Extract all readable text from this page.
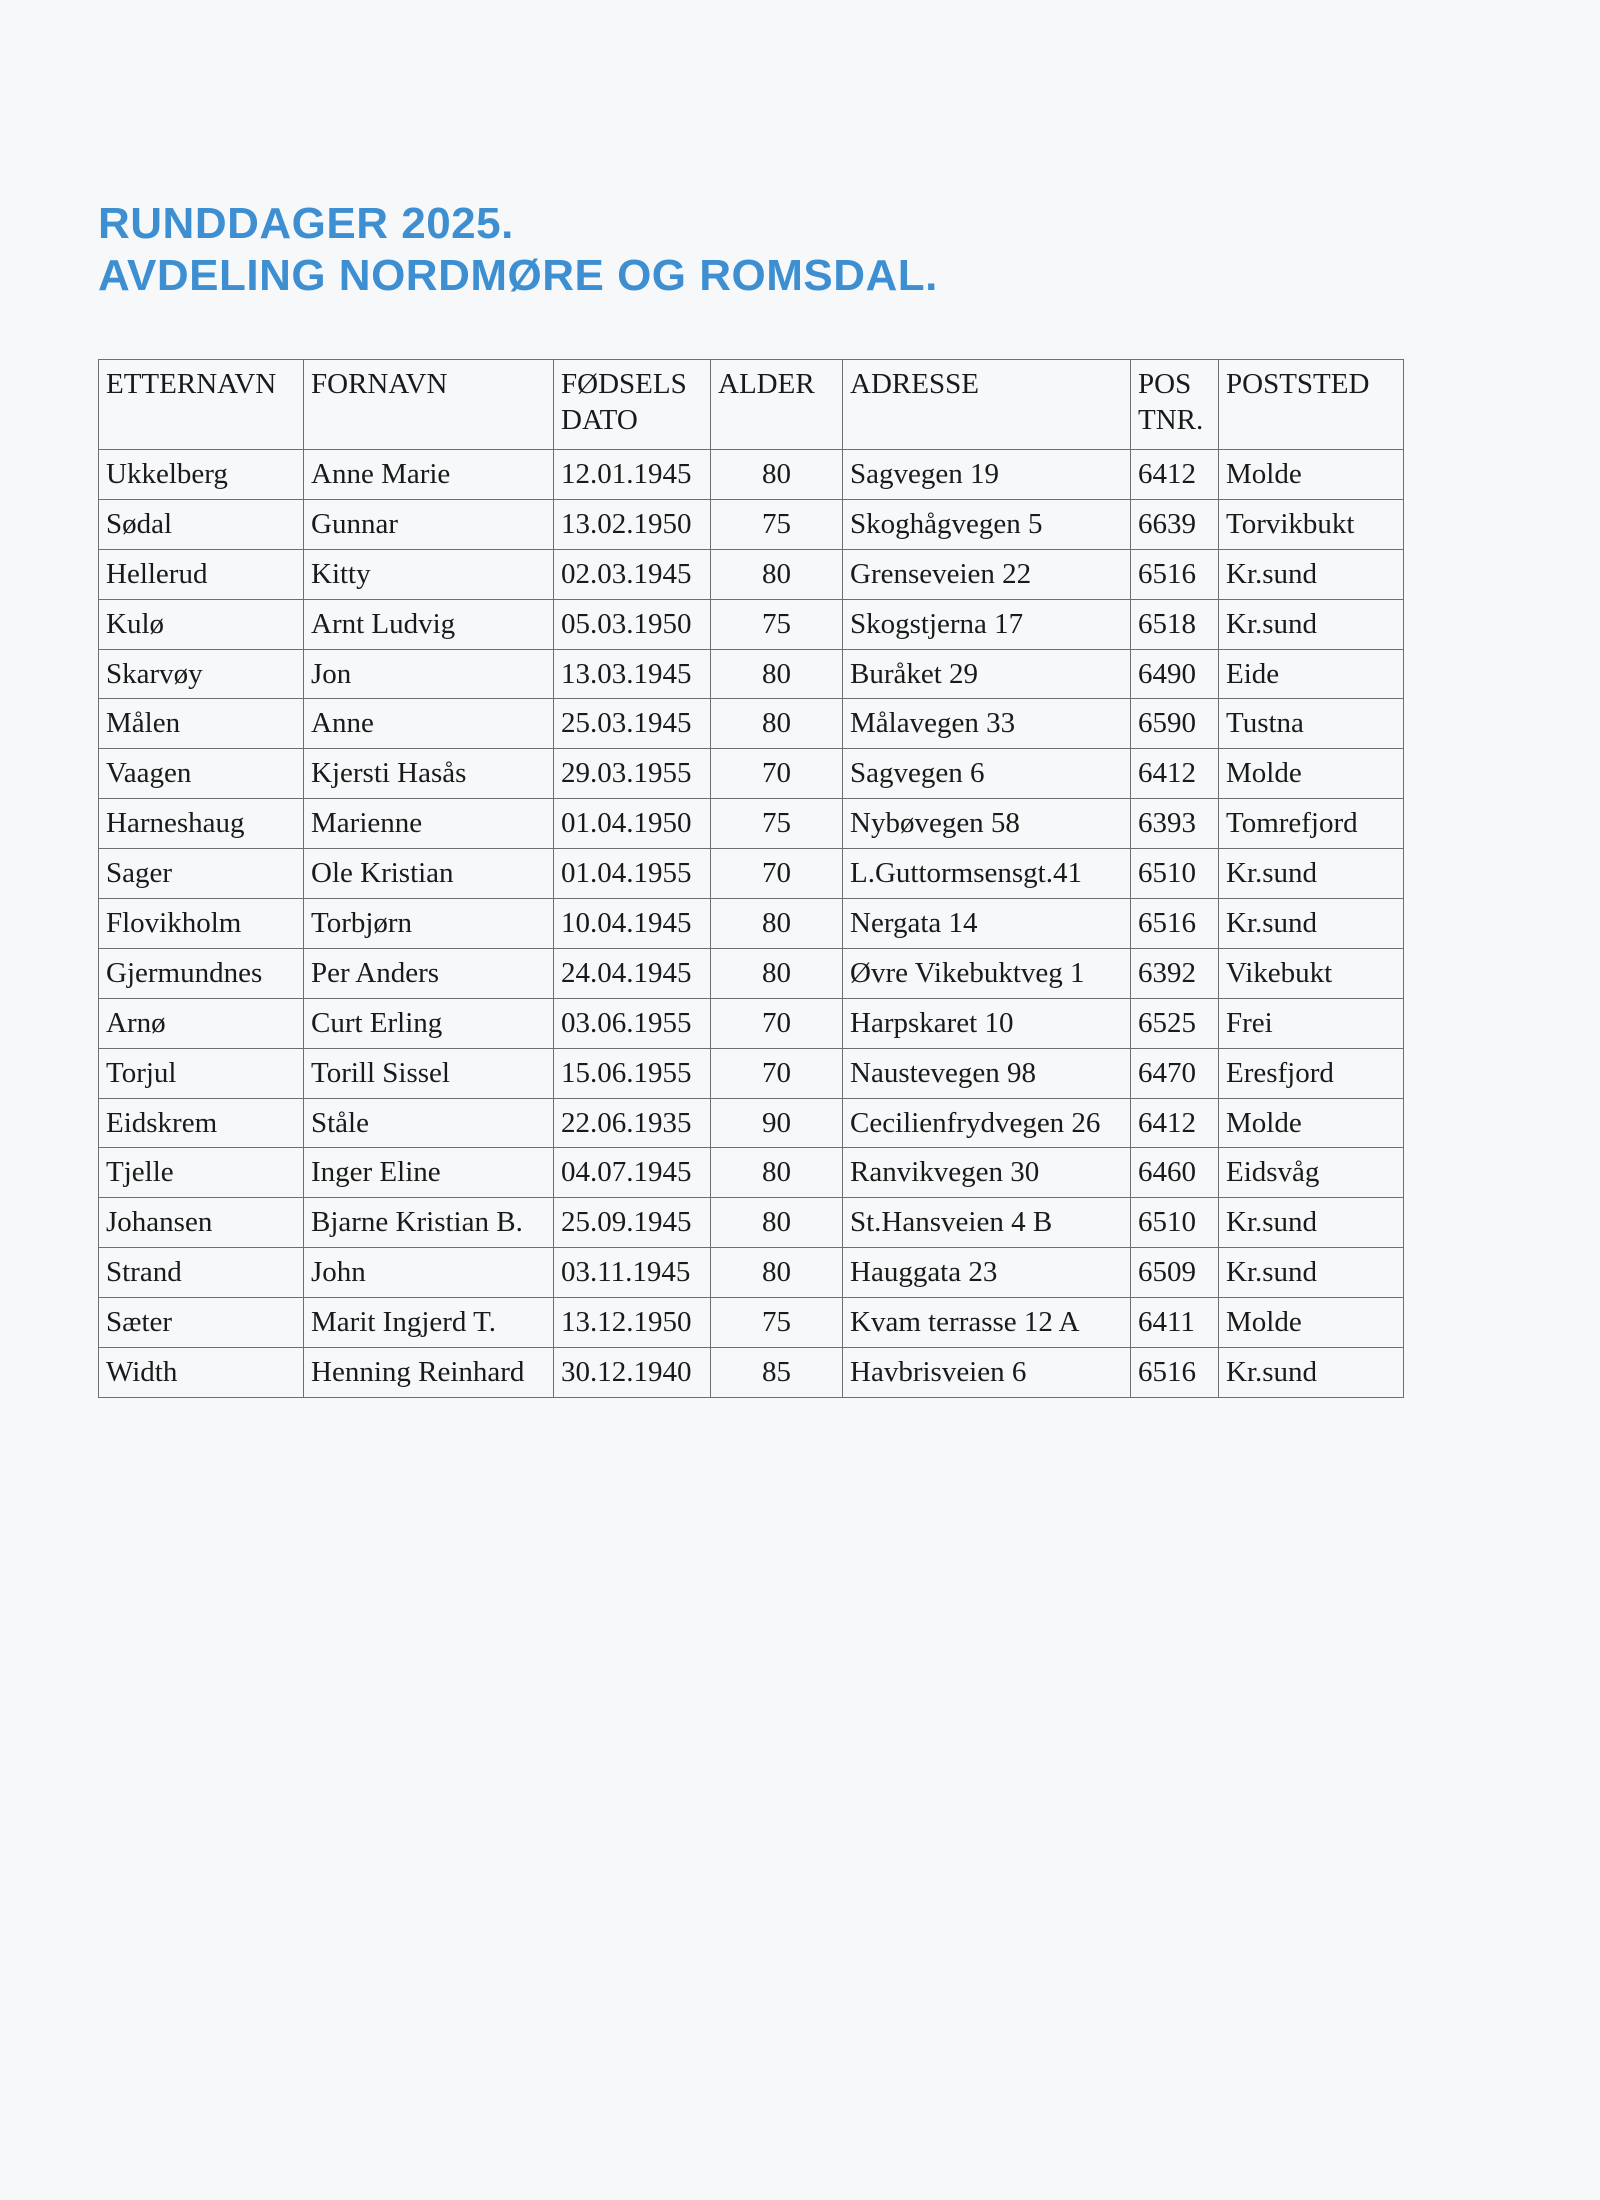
RUNDDAGER 2025.
AVDELING NORDMØRE OG ROMSDAL.
ETTERNAVN	FORNAVN	FØDSELS DATO	ALDER	ADRESSE	POS TNR.	POSTSTED
Ukkelberg	Anne Marie	12.01.1945	80	Sagvegen 19	6412	Molde
Sødal	Gunnar	13.02.1950	75	Skoghågvegen 5	6639	Torvikbukt
Hellerud	Kitty	02.03.1945	80	Grenseveien 22	6516	Kr.sund
Kulø	Arnt Ludvig	05.03.1950	75	Skogstjerna 17	6518	Kr.sund
Skarvøy	Jon	13.03.1945	80	Buråket 29	6490	Eide
Målen	Anne	25.03.1945	80	Målavegen 33	6590	Tustna
Vaagen	Kjersti Hasås	29.03.1955	70	Sagvegen 6	6412	Molde
Harneshaug	Marienne	01.04.1950	75	Nybøvegen 58	6393	Tomrefjord
Sager	Ole Kristian	01.04.1955	70	L.Guttormsensgt.41	6510	Kr.sund
Flovikholm	Torbjørn	10.04.1945	80	Nergata 14	6516	Kr.sund
Gjermundnes	Per Anders	24.04.1945	80	Øvre Vikebuktveg 1	6392	Vikebukt
Arnø	Curt Erling	03.06.1955	70	Harpskaret 10	6525	Frei
Torjul	Torill Sissel	15.06.1955	70	Naustevegen 98	6470	Eresfjord
Eidskrem	Ståle	22.06.1935	90	Cecilienfrydvegen 26	6412	Molde
Tjelle	Inger Eline	04.07.1945	80	Ranvikvegen 30	6460	Eidsvåg
Johansen	Bjarne Kristian B.	25.09.1945	80	St.Hansveien 4 B	6510	Kr.sund
Strand	John	03.11.1945	80	Hauggata 23	6509	Kr.sund
Sæter	Marit Ingjerd T.	13.12.1950	75	Kvam terrasse 12 A	6411	Molde
Width	Henning Reinhard	30.12.1940	85	Havbrisveien 6	6516	Kr.sund
